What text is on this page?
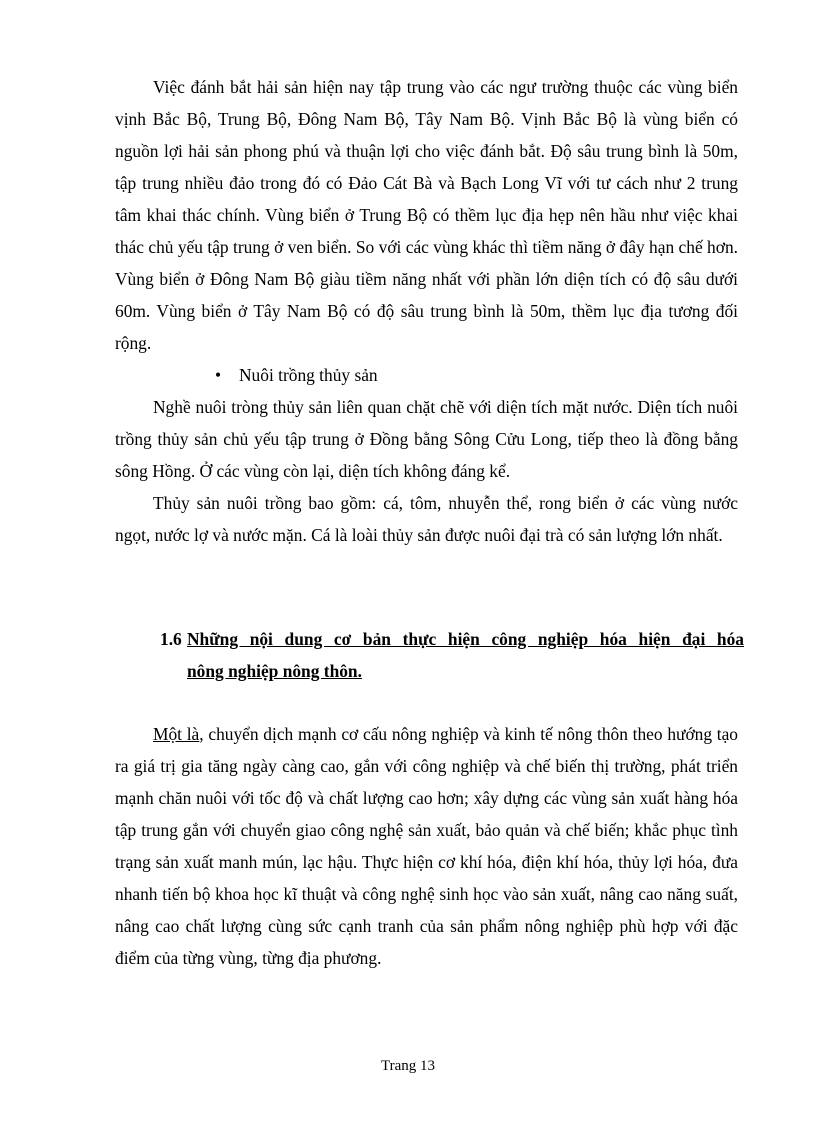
Việc đánh bắt hải sản hiện nay tập trung vào các ngư trường thuộc các vùng biển vịnh Bắc Bộ, Trung Bộ, Đông Nam Bộ, Tây Nam Bộ. Vịnh Bắc Bộ là vùng biển có nguồn lợi hải sản phong phú và thuận lợi cho việc đánh bắt. Độ sâu trung bình là 50m, tập trung nhiều đảo trong đó có Đảo Cát Bà và Bạch Long Vĩ với tư cách như 2 trung tâm khai thác chính. Vùng biển ở Trung Bộ có thềm lục địa hẹp nên hầu như việc khai thác chủ yếu tập trung ở ven biển. So với các vùng khác thì tiềm năng ở đây hạn chế hơn. Vùng biển ở Đông Nam Bộ giàu tiềm năng nhất với phần lớn diện tích có độ sâu dưới 60m. Vùng biển ở Tây Nam Bộ có độ sâu trung bình là 50m, thềm lục địa tương đối rộng.

• Nuôi trồng thủy sản

Nghề nuôi tròng thủy sản liên quan chặt chẽ với diện tích mặt nước. Diện tích nuôi trồng thủy sản chủ yếu tập trung ở Đồng bằng Sông Cửu Long, tiếp theo là đồng bằng sông Hồng. Ở các vùng còn lại, diện tích không đáng kể.

Thủy sản nuôi trồng bao gồm: cá, tôm, nhuyễn thể, rong biển ở các vùng nước ngọt, nước lợ và nước mặn. Cá là loài thủy sản được nuôi đại trà có sản lượng lớn nhất.

1.6 Những nội dung cơ bản thực hiện công nghiệp hóa hiện đại hóa
nông nghiệp nông thôn.

Một là, chuyển dịch mạnh cơ cấu nông nghiệp và kinh tế nông thôn theo hướng tạo ra giá trị gia tăng ngày càng cao, gắn với công nghiệp và chế biến thị trường, phát triển mạnh chăn nuôi với tốc độ và chất lượng cao hơn; xây dựng các vùng sản xuất hàng hóa tập trung gắn với chuyển giao công nghệ sản xuất, bảo quản và chế biến; khắc phục tình trạng sản xuất manh mún, lạc hậu. Thực hiện cơ khí hóa, điện khí hóa, thủy lợi hóa, đưa nhanh tiến bộ khoa học kĩ thuật và công nghệ sinh học vào sản xuất, nâng cao năng suất, nâng cao chất lượng cùng sức cạnh tranh của sản phẩm nông nghiệp phù hợp với đặc điểm của từng vùng, từng địa phương.

Trang 13
